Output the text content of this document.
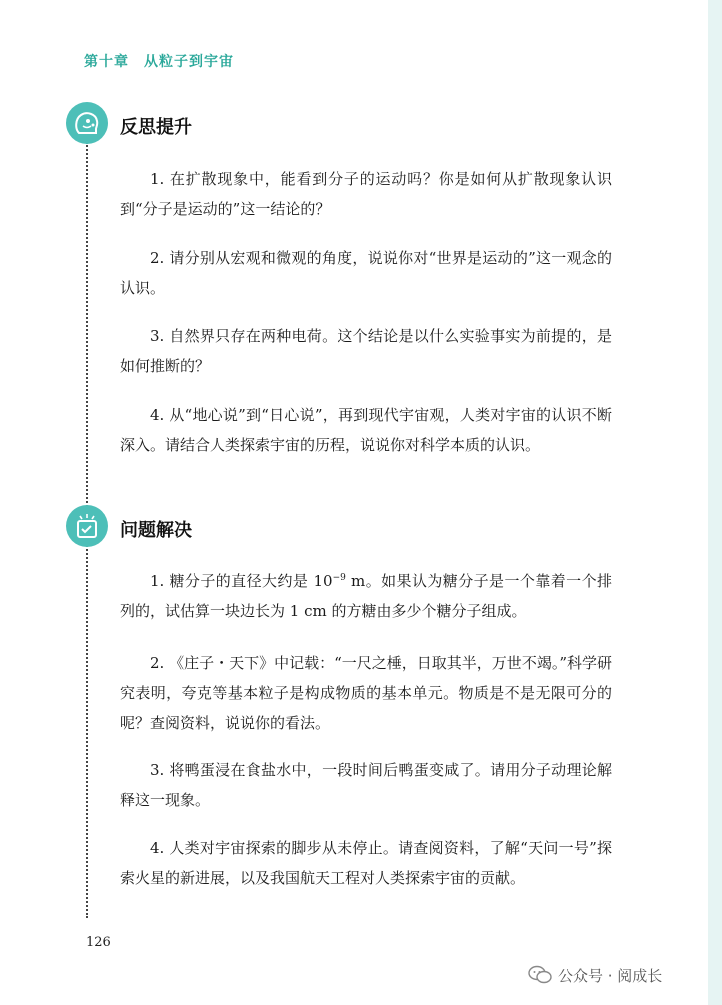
第十章　从粒子到宇宙
反思提升

1. 在扩散现象中，能看到分子的运动吗？你是如何从扩散现象认识到“分子是运动的”这一结论的？

2. 请分别从宏观和微观的角度，说说你对“世界是运动的”这一观念的认识。

3. 自然界只存在两种电荷。这个结论是以什么实验事实为前提的，是如何推断的？

4. 从“地心说”到“日心说”，再到现代宇宙观，人类对宇宙的认识不断深入。请结合人类探索宇宙的历程，说说你对科学本质的认识。

问题解决

1. 糖分子的直径大约是 $10^{-9}$ m。如果认为糖分子是一个靠着一个排列的，试估算一块边长为 1 cm 的方糖由多少个糖分子组成。

2. 《庄子・天下》中记载：“一尺之棰，日取其半，万世不竭。”科学研究表明，夸克等基本粒子是构成物质的基本单元。物质是不是无限可分的呢？查阅资料，说说你的看法。

3. 将鸭蛋浸在食盐水中，一段时间后鸭蛋变咸了。请用分子动理论解释这一现象。

4. 人类对宇宙探索的脚步从未停止。请查阅资料，了解“天问一号”探索火星的新进展，以及我国航天工程对人类探索宇宙的贡献。

126
公众号 · 阅成长
